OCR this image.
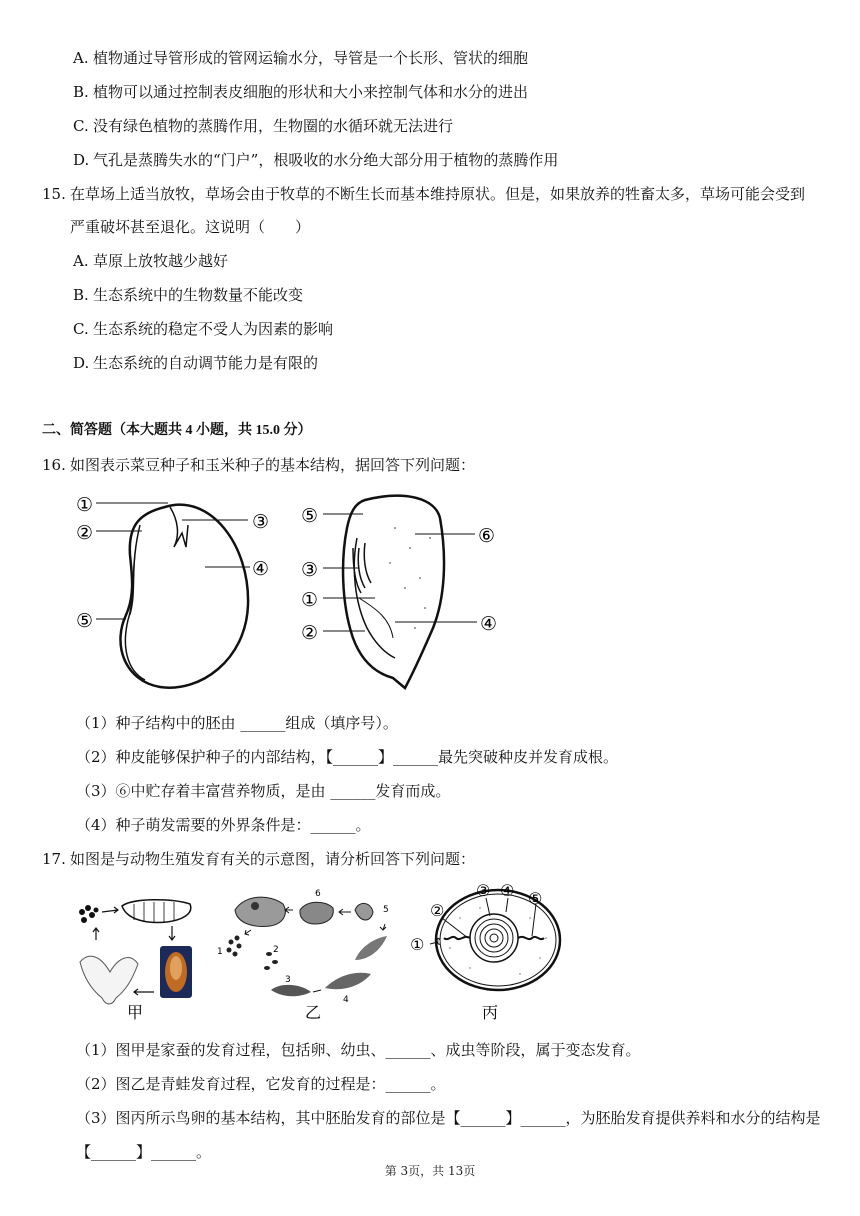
A. 植物通过导管形成的管网运输水分，导管是一个长形、管状的细胞
B. 植物可以通过控制表皮细胞的形状和大小来控制气体和水分的进出
C. 没有绿色植物的蒸腾作用，生物圈的水循环就无法进行
D. 气孔是蒸腾失水的“门户”，根吸收的水分绝大部分用于植物的蒸腾作用
15. 在草场上适当放牧，草场会由于牧草的不断生长而基本维持原状。但是，如果放养的牲畜太多，草场可能会受到
严重破坏甚至退化。这说明（　　）
A. 草原上放牧越少越好
B. 生态系统中的生物数量不能改变
C. 生态系统的稳定不受人为因素的影响
D. 生态系统的自动调节能力是有限的
二、简答题（本大题共 4 小题，共 15.0 分）
16. 如图表示菜豆种子和玉米种子的基本结构，据回答下列问题：
①
②	③
④
⑤
⑤
⑥
③
①
②	④
（1）种子结构中的胚由 ______组成（填序号）。
（2）种皮能够保护种子的内部结构，【______】______最先突破种皮并发育成根。
（3）⑥中贮存着丰富营养物质，是由 ______发育而成。
（4）种子萌发需要的外界条件是：______。
17. 如图是与动物生殖发育有关的示意图，请分析回答下列问题：
甲
6
5
1	2
3
4
乙
①
②
③ ④ ⑤
丙
（1）图甲是家蚕的发育过程，包括卵、幼虫、______、成虫等阶段，属于变态发育。
（2）图乙是青蛙发育过程，它发育的过程是：______。
（3）图丙所示鸟卵的基本结构，其中胚胎发育的部位是【______】______，为胚胎发育提供养料和水分的结构是
【______】______。
第 3页，共 13页
